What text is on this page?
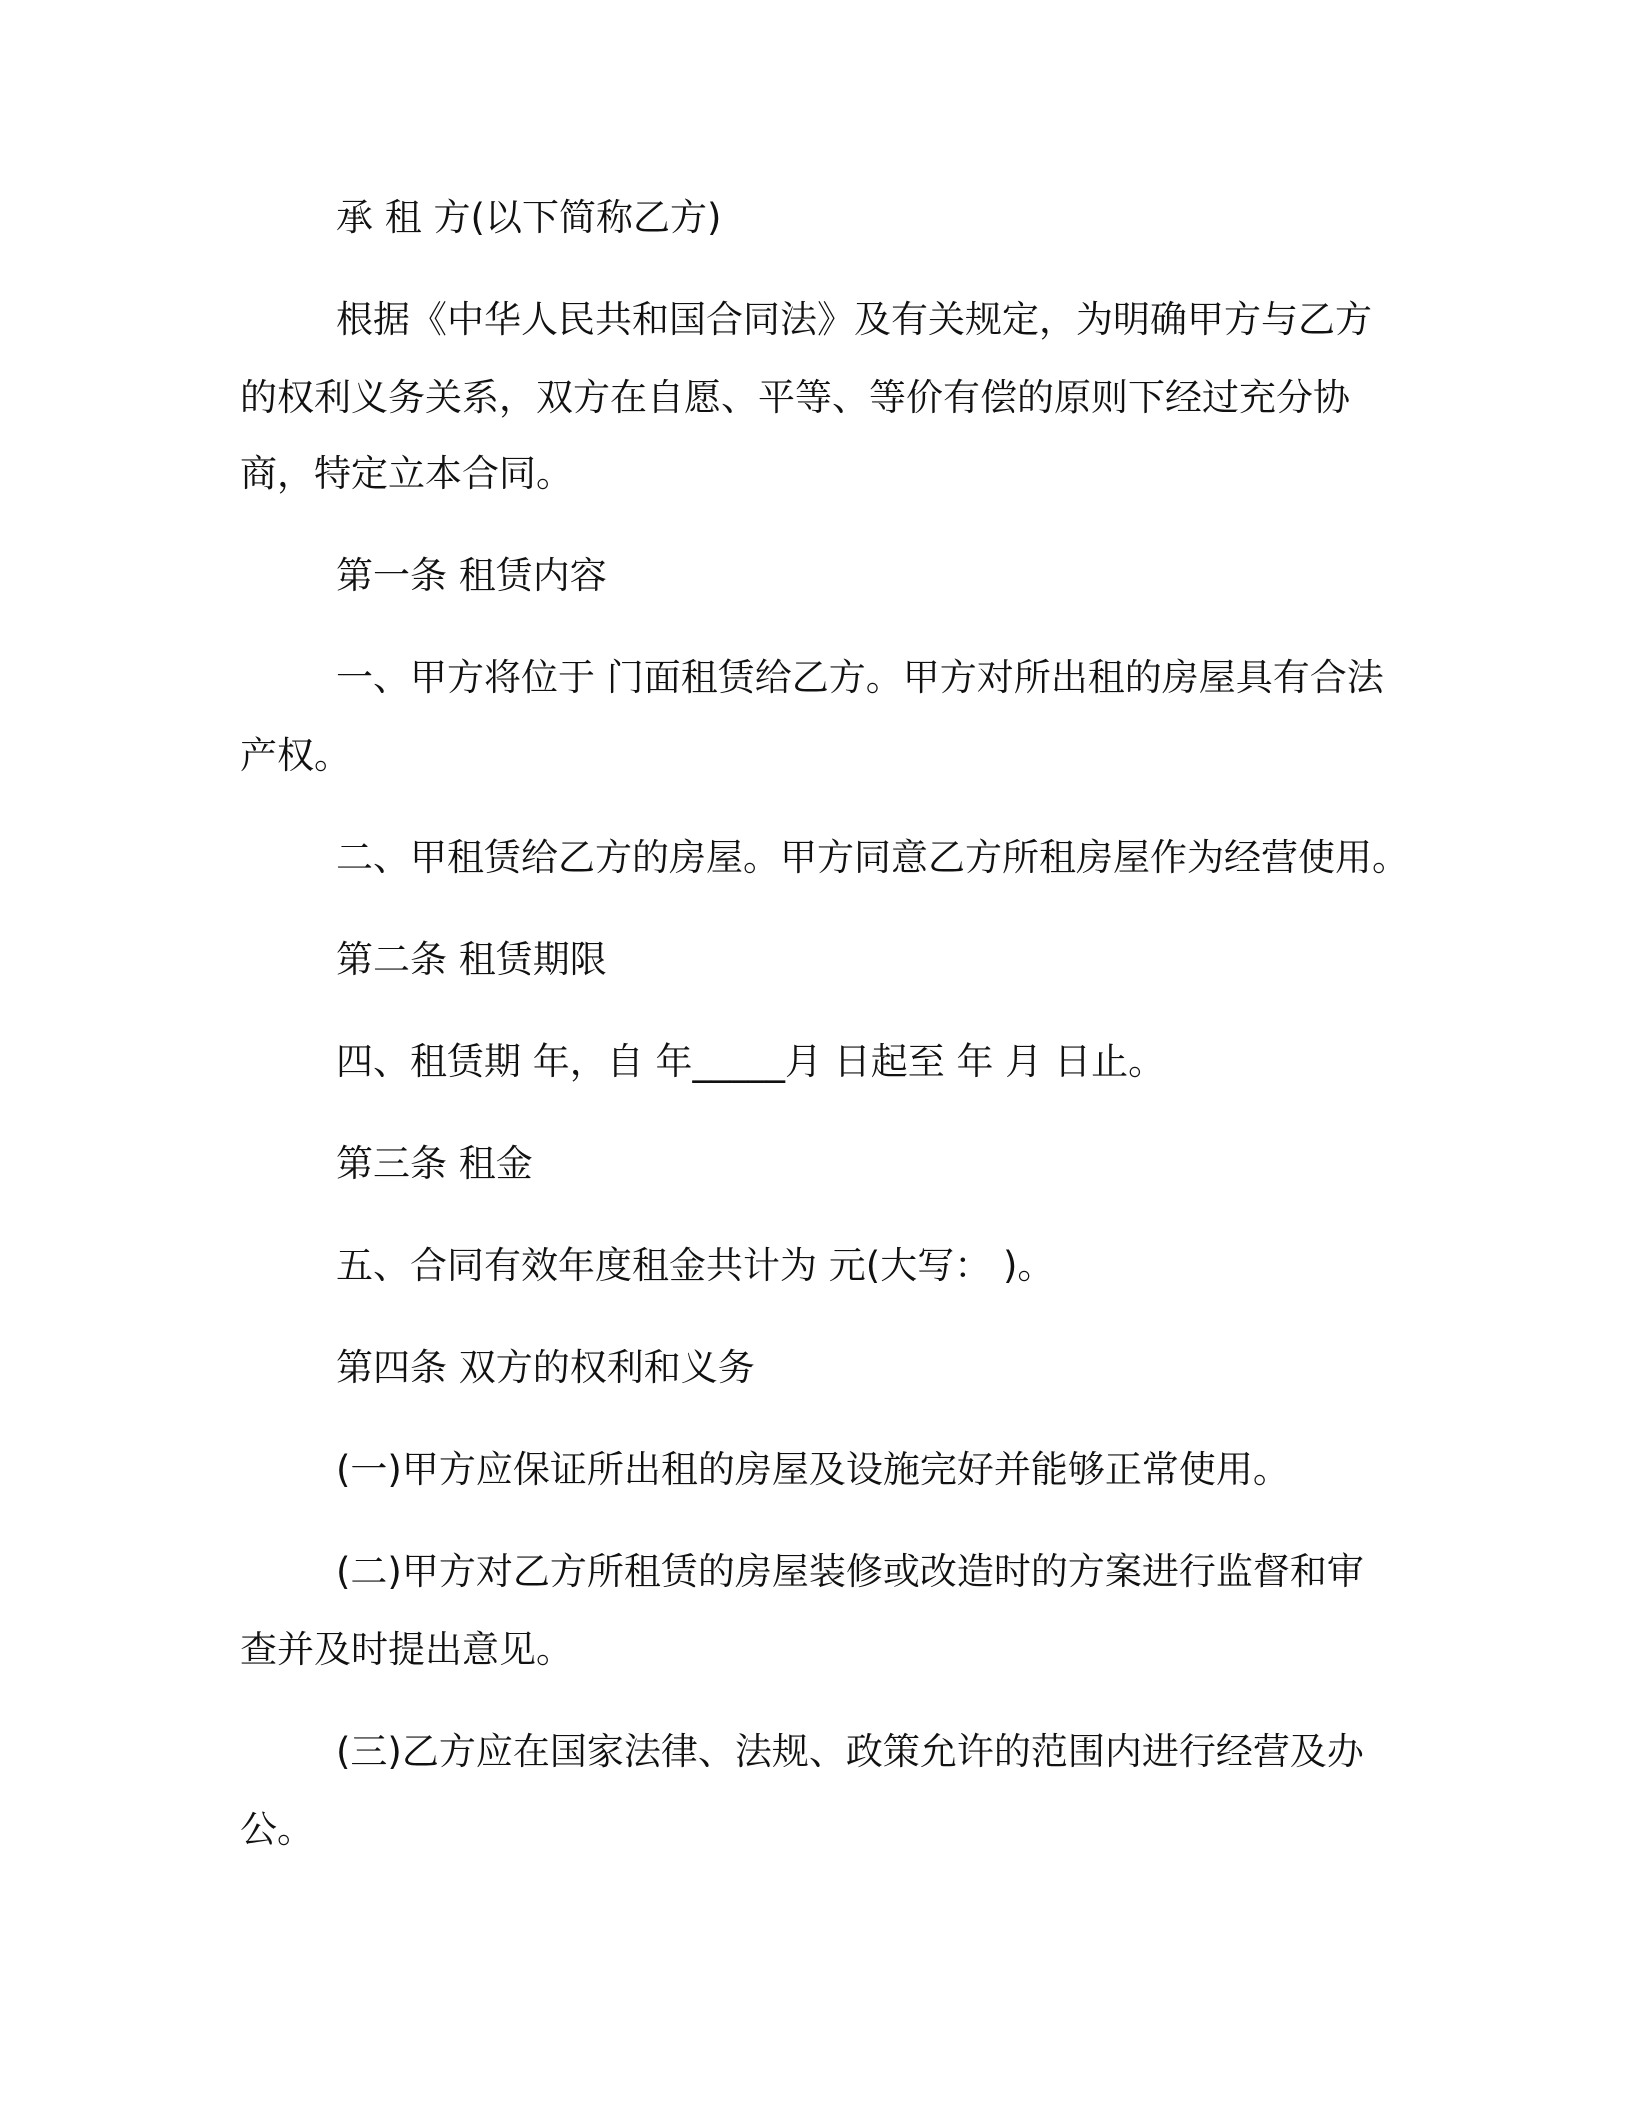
承 租 方(以下简称乙方)

根据《中华人民共和国合同法》及有关规定，为明确甲方与乙方

的权利义务关系，双方在自愿、平等、等价有偿的原则下经过充分协

商，特定立本合同。

第一条 租赁内容

一、甲方将位于 门面租赁给乙方。甲方对所出租的房屋具有合法

产权。

二、甲租赁给乙方的房屋。甲方同意乙方所租房屋作为经营使用。

第二条 租赁期限

四、租赁期 年，自 年_____月 日起至 年 月 日止。

第三条 租金

五、合同有效年度租金共计为 元(大写： )。

第四条 双方的权利和义务

(一)甲方应保证所出租的房屋及设施完好并能够正常使用。

(二)甲方对乙方所租赁的房屋装修或改造时的方案进行监督和审

查并及时提出意见。

(三)乙方应在国家法律、法规、政策允许的范围内进行经营及办

公。
